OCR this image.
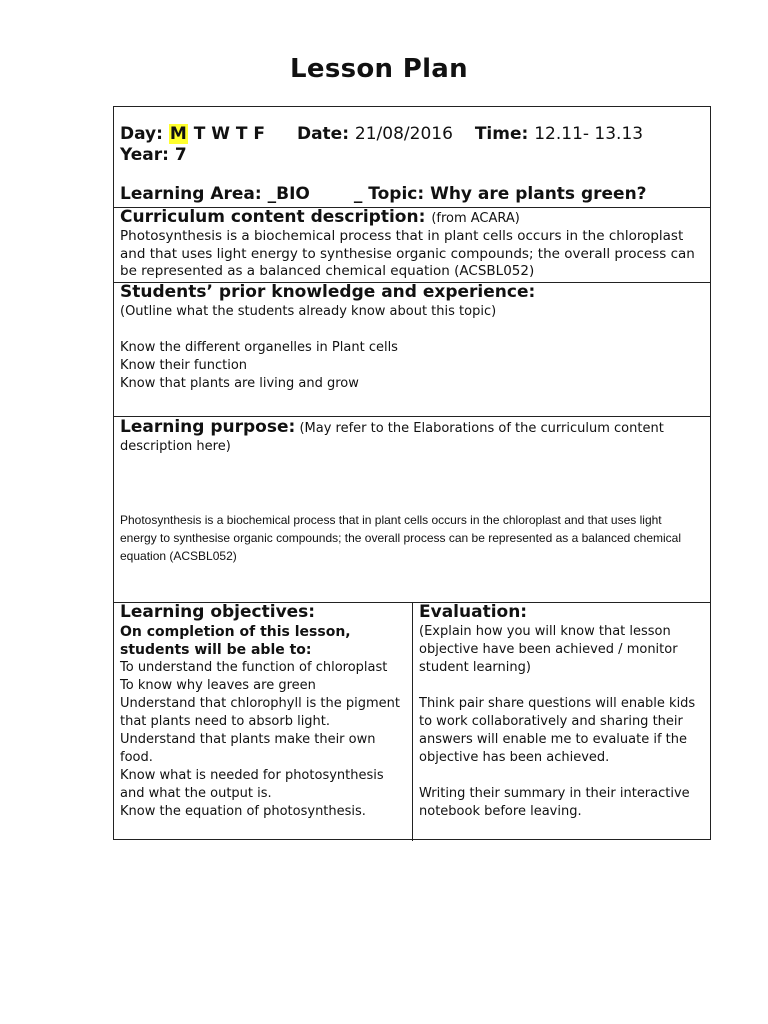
Lesson Plan
Day: M T W T F Date: 21/08/2016 Time: 12.11- 13.13
Year: 7
Learning Area: _BIO	_ Topic: Why are plants green?
Curriculum content description: (from ACARA)
Photosynthesis is a biochemical process that in plant cells occurs in the chloroplast and that uses light energy to synthesise organic compounds; the overall process can be represented as a balanced chemical equation (ACSBL052)
Students’ prior knowledge and experience:
(Outline what the students already know about this topic)
Know the different organelles in Plant cells
Know their function
Know that plants are living and grow
Learning purpose: (May refer to the Elaborations of the curriculum content description here)
Photosynthesis is a biochemical process that in plant cells occurs in the chloroplast and that uses light energy to synthesise organic compounds; the overall process can be represented as a balanced chemical equation (ACSBL052)
Learning objectives:
On completion of this lesson, students will be able to:
To understand the function of chloroplast
To know why leaves are green
Understand that chlorophyll is the pigment that plants need to absorb light.
Understand that plants make their own food.
Know what is needed for photosynthesis and what the output is.
Know the equation of photosynthesis.
Evaluation:
(Explain how you will know that lesson objective have been achieved / monitor student learning)
Think pair share questions will enable kids to work collaboratively and sharing their answers will enable me to evaluate if the objective has been achieved.
Writing their summary in their interactive notebook before leaving.
